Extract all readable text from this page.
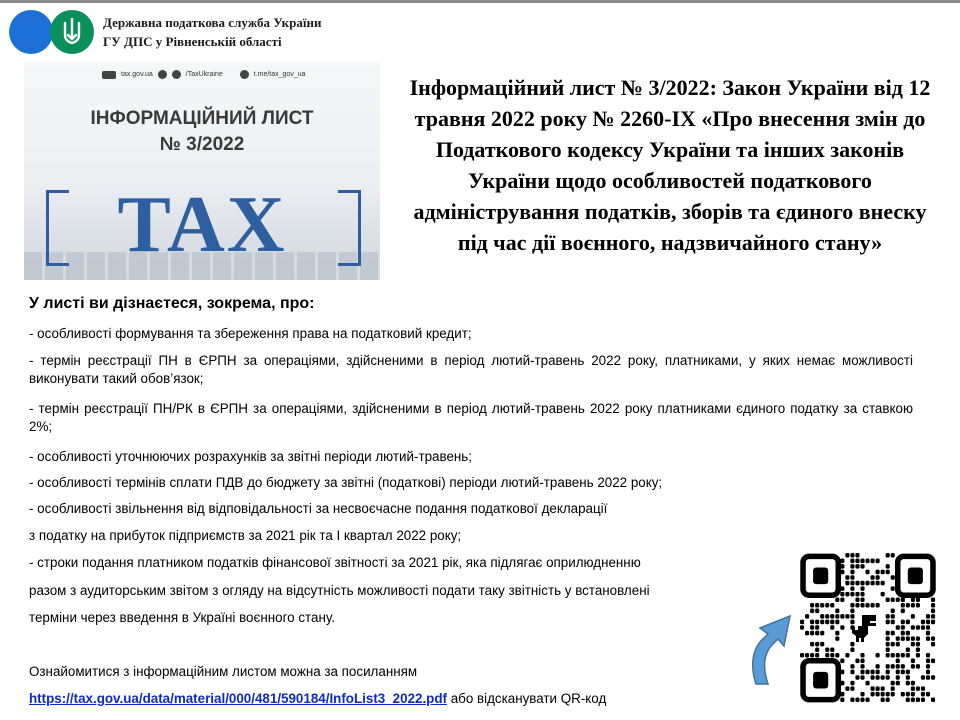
Державна податкова служба України
ГУ ДПС у Рівненській області
tax.gov.ua	/TaxUkraine	t.me/tax_gov_ua
ІНФОРМАЦІЙНИЙ ЛИСТ
№ 3/2022
TAX
Інформаційний лист № 3/2022: Закон України від 12 травня 2022 року № 2260-ІХ «Про внесення змін до Податкового кодексу України та інших законів України щодо особливостей податкового адміністрування податків, зборів та єдиного внеску під час дії воєнного, надзвичайного стану»
У листі ви дізнаєтеся, зокрема, про:
- особливості формування та збереження права на податковий кредит;
- термін реєстрації ПН в ЄРПН за операціями, здійсненими в період лютий-травень 2022 року, платниками, у яких немає можливості виконувати такий обов’язок;
- термін реєстрації ПН/РК в ЄРПН за операціями, здійсненими в період лютий-травень 2022 року платниками єдиного податку за ставкою 2%;
- особливості уточнюючих розрахунків за звітні періоди лютий-травень;
- особливості термінів сплати ПДВ до бюджету за звітні (податкові) періоди лютий-травень 2022 року;
- особливості звільнення від відповідальності за несвоєчасне подання податкової декларації
з податку на прибуток підприємств за 2021 рік та І квартал 2022 року;
- строки подання платником податків фінансової звітності за 2021 рік, яка підлягає оприлюдненню
разом з аудиторським звітом з огляду на відсутність можливості подати таку звітність у встановлені
терміни через введення в Україні воєнного стану.
Ознайомитися з інформаційним листом можна за посиланням
https://tax.gov.ua/data/material/000/481/590184/InfoList3_2022.pdf або відсканувати QR-код
